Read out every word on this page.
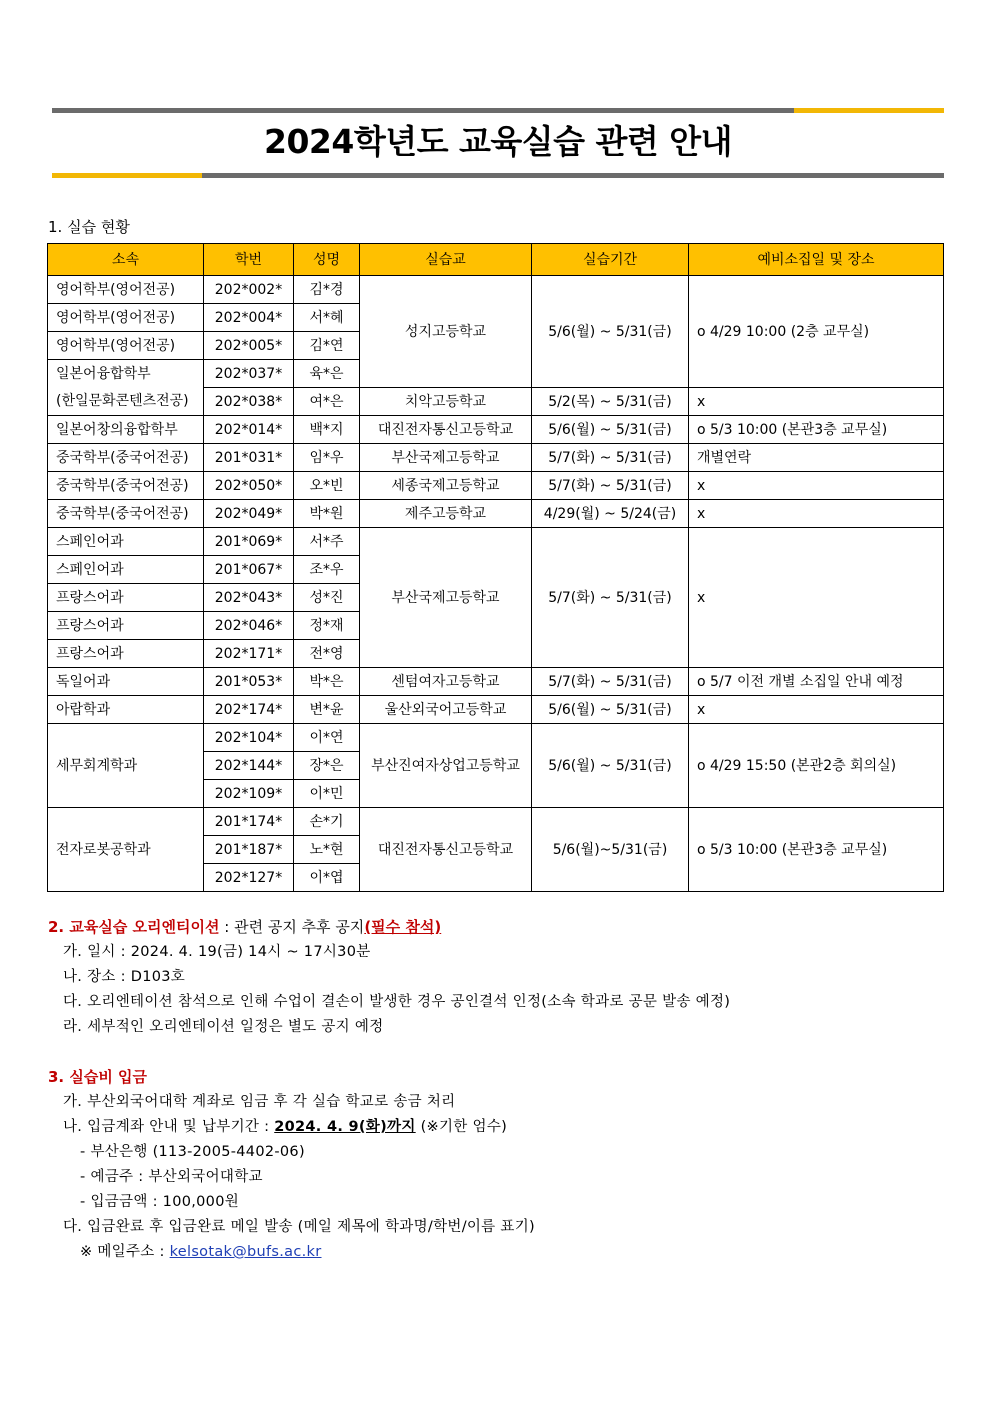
2024학년도 교육실습 관련 안내
1. 실습 현황
소속	학번	성명	실습교	실습기간	예비소집일 및 장소
영어학부(영어전공)	202*002*	김*경	성지고등학교	5/6(월) ~ 5/31(금)	o 4/29 10:00 (2층 교무실)
영어학부(영어전공)	202*004*	서*혜			
영어학부(영어전공)	202*005*	김*연			
일본어융합학부	202*037*	육*은			
(한일문화콘텐츠전공)	202*038*	여*은	치악고등학교	5/2(목) ~ 5/31(금)	x
일본어창의융합학부	202*014*	백*지	대진전자통신고등학교	5/6(월) ~ 5/31(금)	o 5/3 10:00 (본관3층 교무실)
중국학부(중국어전공)	201*031*	임*우	부산국제고등학교	5/7(화) ~ 5/31(금)	개별연락
중국학부(중국어전공)	202*050*	오*빈	세종국제고등학교	5/7(화) ~ 5/31(금)	x
중국학부(중국어전공)	202*049*	박*원	제주고등학교	4/29(월) ~ 5/24(금)	x
스페인어과	201*069*	서*주	부산국제고등학교	5/7(화) ~ 5/31(금)	x
스페인어과	201*067*	조*우			
프랑스어과	202*043*	성*진			
프랑스어과	202*046*	정*재			
프랑스어과	202*171*	전*영			
독일어과	201*053*	박*은	센텀여자고등학교	5/7(화) ~ 5/31(금)	o 5/7 이전 개별 소집일 안내 예정
아랍학과	202*174*	변*윤	울산외국어고등학교	5/6(월) ~ 5/31(금)	x
세무회계학과	202*104*	이*연	부산진여자상업고등학교	5/6(월) ~ 5/31(금)	o 4/29 15:50 (본관2층 회의실)
	202*144*	장*은			
	202*109*	이*민			
전자로봇공학과	201*174*	손*기	대진전자통신고등학교	5/6(월)~5/31(금)	o 5/3 10:00 (본관3층 교무실)
	201*187*	노*현			
	202*127*	이*엽			
2. 교육실습 오리엔티이션 : 관련 공지 추후 공지(필수 참석)
가. 일시 : 2024. 4. 19(금) 14시 ~ 17시30분
나. 장소 : D103호
다. 오리엔테이션 참석으로 인해 수업이 결손이 발생한 경우 공인결석 인정(소속 학과로 공문 발송 예정)
라. 세부적인 오리엔테이션 일정은 별도 공지 예정
3. 실습비 입금
가. 부산외국어대학 계좌로 임금 후 각 실습 학교로 송금 처리
나. 입금계좌 안내 및 납부기간 : 2024. 4. 9(화)까지 (※기한 엄수)
- 부산은행 (113-2005-4402-06)
- 예금주 : 부산외국어대학교
- 입금금액 : 100,000원
다. 입금완료 후 입금완료 메일 발송 (메일 제목에 학과명/학번/이름 표기)
※ 메일주소 : kelsotak@bufs.ac.kr
